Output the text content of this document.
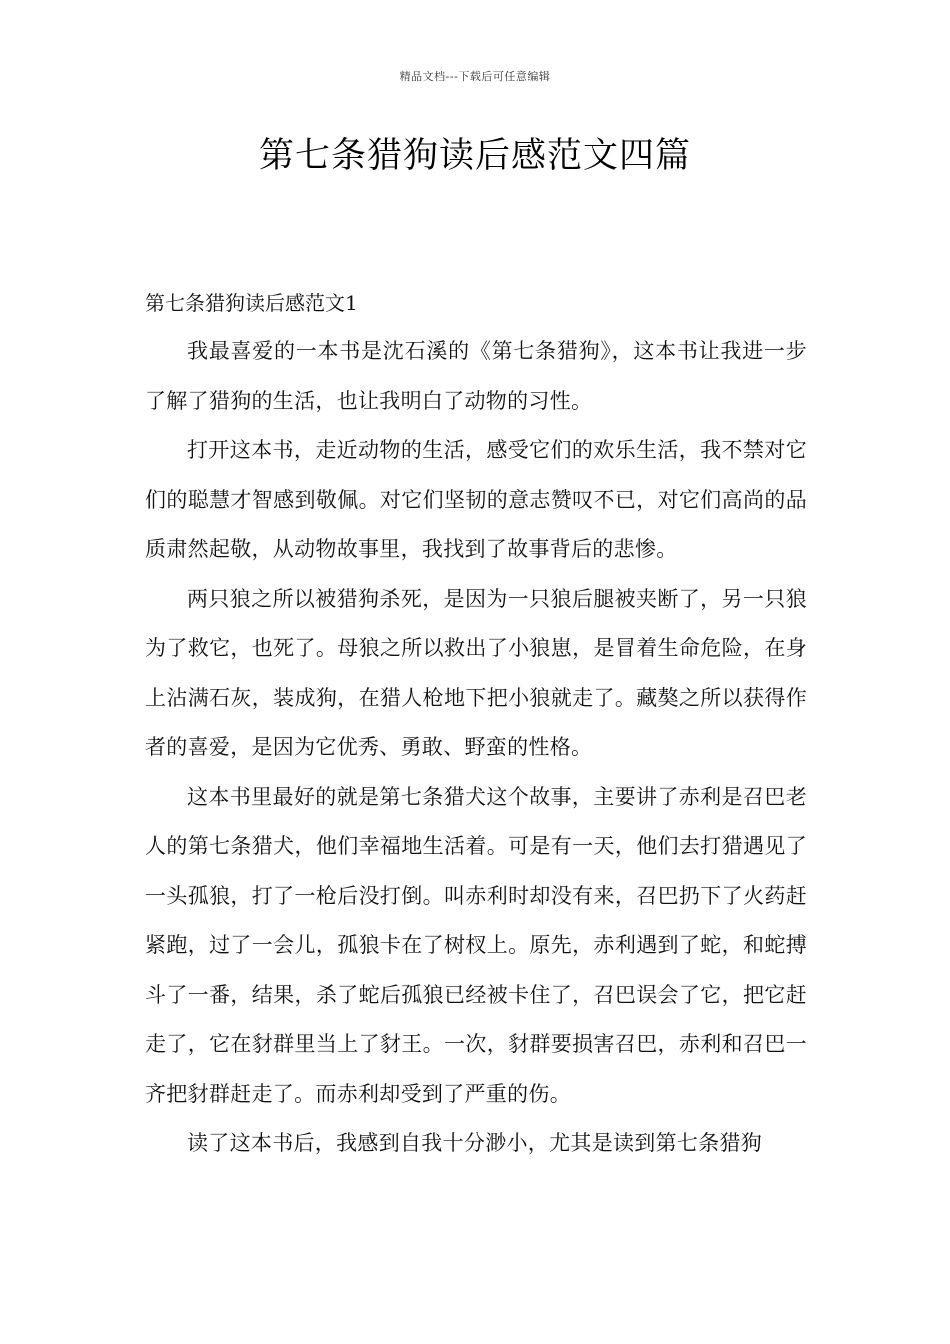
精品文档---下载后可任意编辑
第七条猎狗读后感范文四篇
第七条猎狗读后感范文1

我最喜爱的一本书是沈石溪的《第七条猎狗》，这本书让我进一步了解了猎狗的生活，也让我明白了动物的习性。

打开这本书，走近动物的生活，感受它们的欢乐生活，我不禁对它们的聪慧才智感到敬佩。对它们坚韧的意志赞叹不已，对它们高尚的品质肃然起敬，从动物故事里，我找到了故事背后的悲惨。

两只狼之所以被猎狗杀死，是因为一只狼后腿被夹断了，另一只狼为了救它，也死了。母狼之所以救出了小狼崽，是冒着生命危险，在身上沾满石灰，装成狗，在猎人枪地下把小狼就走了。藏獒之所以获得作者的喜爱，是因为它优秀、勇敢、野蛮的性格。

这本书里最好的就是第七条猎犬这个故事，主要讲了赤利是召巴老人的第七条猎犬，他们幸福地生活着。可是有一天，他们去打猎遇见了一头孤狼，打了一枪后没打倒。叫赤利时却没有来，召巴扔下了火药赶紧跑，过了一会儿，孤狼卡在了树杈上。原先，赤利遇到了蛇，和蛇搏斗了一番，结果，杀了蛇后孤狼已经被卡住了，召巴误会了它，把它赶走了，它在豺群里当上了豺王。一次，豺群要损害召巴，赤利和召巴一齐把豺群赶走了。而赤利却受到了严重的伤。

读了这本书后，我感到自我十分渺小，尤其是读到第七条猎狗
